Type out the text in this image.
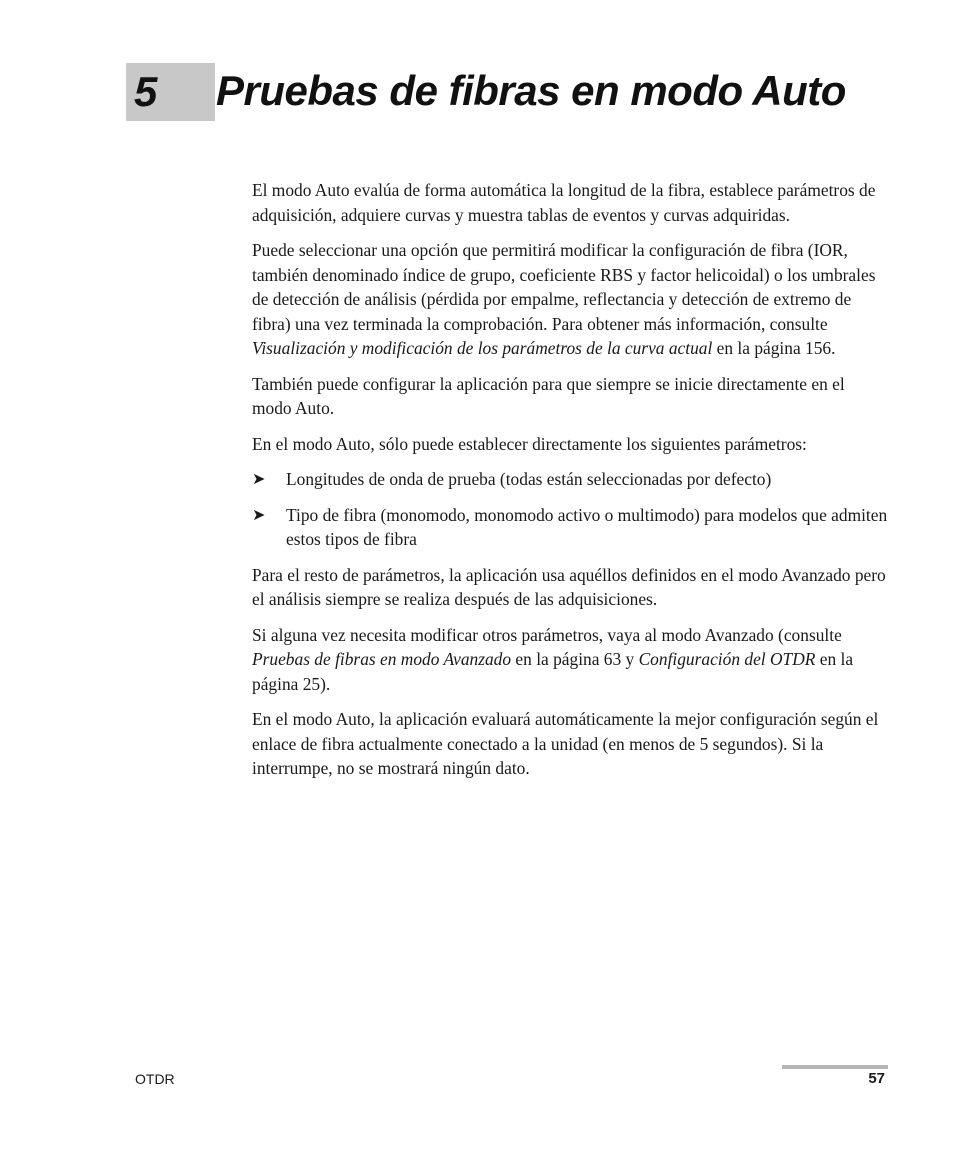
5 Pruebas de fibras en modo Auto

El modo Auto evalúa de forma automática la longitud de la fibra, establece parámetros de adquisición, adquiere curvas y muestra tablas de eventos y curvas adquiridas.

Puede seleccionar una opción que permitirá modificar la configuración de fibra (IOR, también denominado índice de grupo, coeficiente RBS y factor helicoidal) o los umbrales de detección de análisis (pérdida por empalme, reflectancia y detección de extremo de fibra) una vez terminada la comprobación. Para obtener más información, consulte Visualización y modificación de los parámetros de la curva actual en la página 156.

También puede configurar la aplicación para que siempre se inicie directamente en el modo Auto.

En el modo Auto, sólo puede establecer directamente los siguientes parámetros:

➤ Longitudes de onda de prueba (todas están seleccionadas por defecto)
➤ Tipo de fibra (monomodo, monomodo activo o multimodo) para modelos que admiten estos tipos de fibra

Para el resto de parámetros, la aplicación usa aquéllos definidos en el modo Avanzado pero el análisis siempre se realiza después de las adquisiciones.

Si alguna vez necesita modificar otros parámetros, vaya al modo Avanzado (consulte Pruebas de fibras en modo Avanzado en la página 63 y Configuración del OTDR en la página 25).

En el modo Auto, la aplicación evaluará automáticamente la mejor configuración según el enlace de fibra actualmente conectado a la unidad (en menos de 5 segundos). Si la interrumpe, no se mostrará ningún dato.

OTDR	57
